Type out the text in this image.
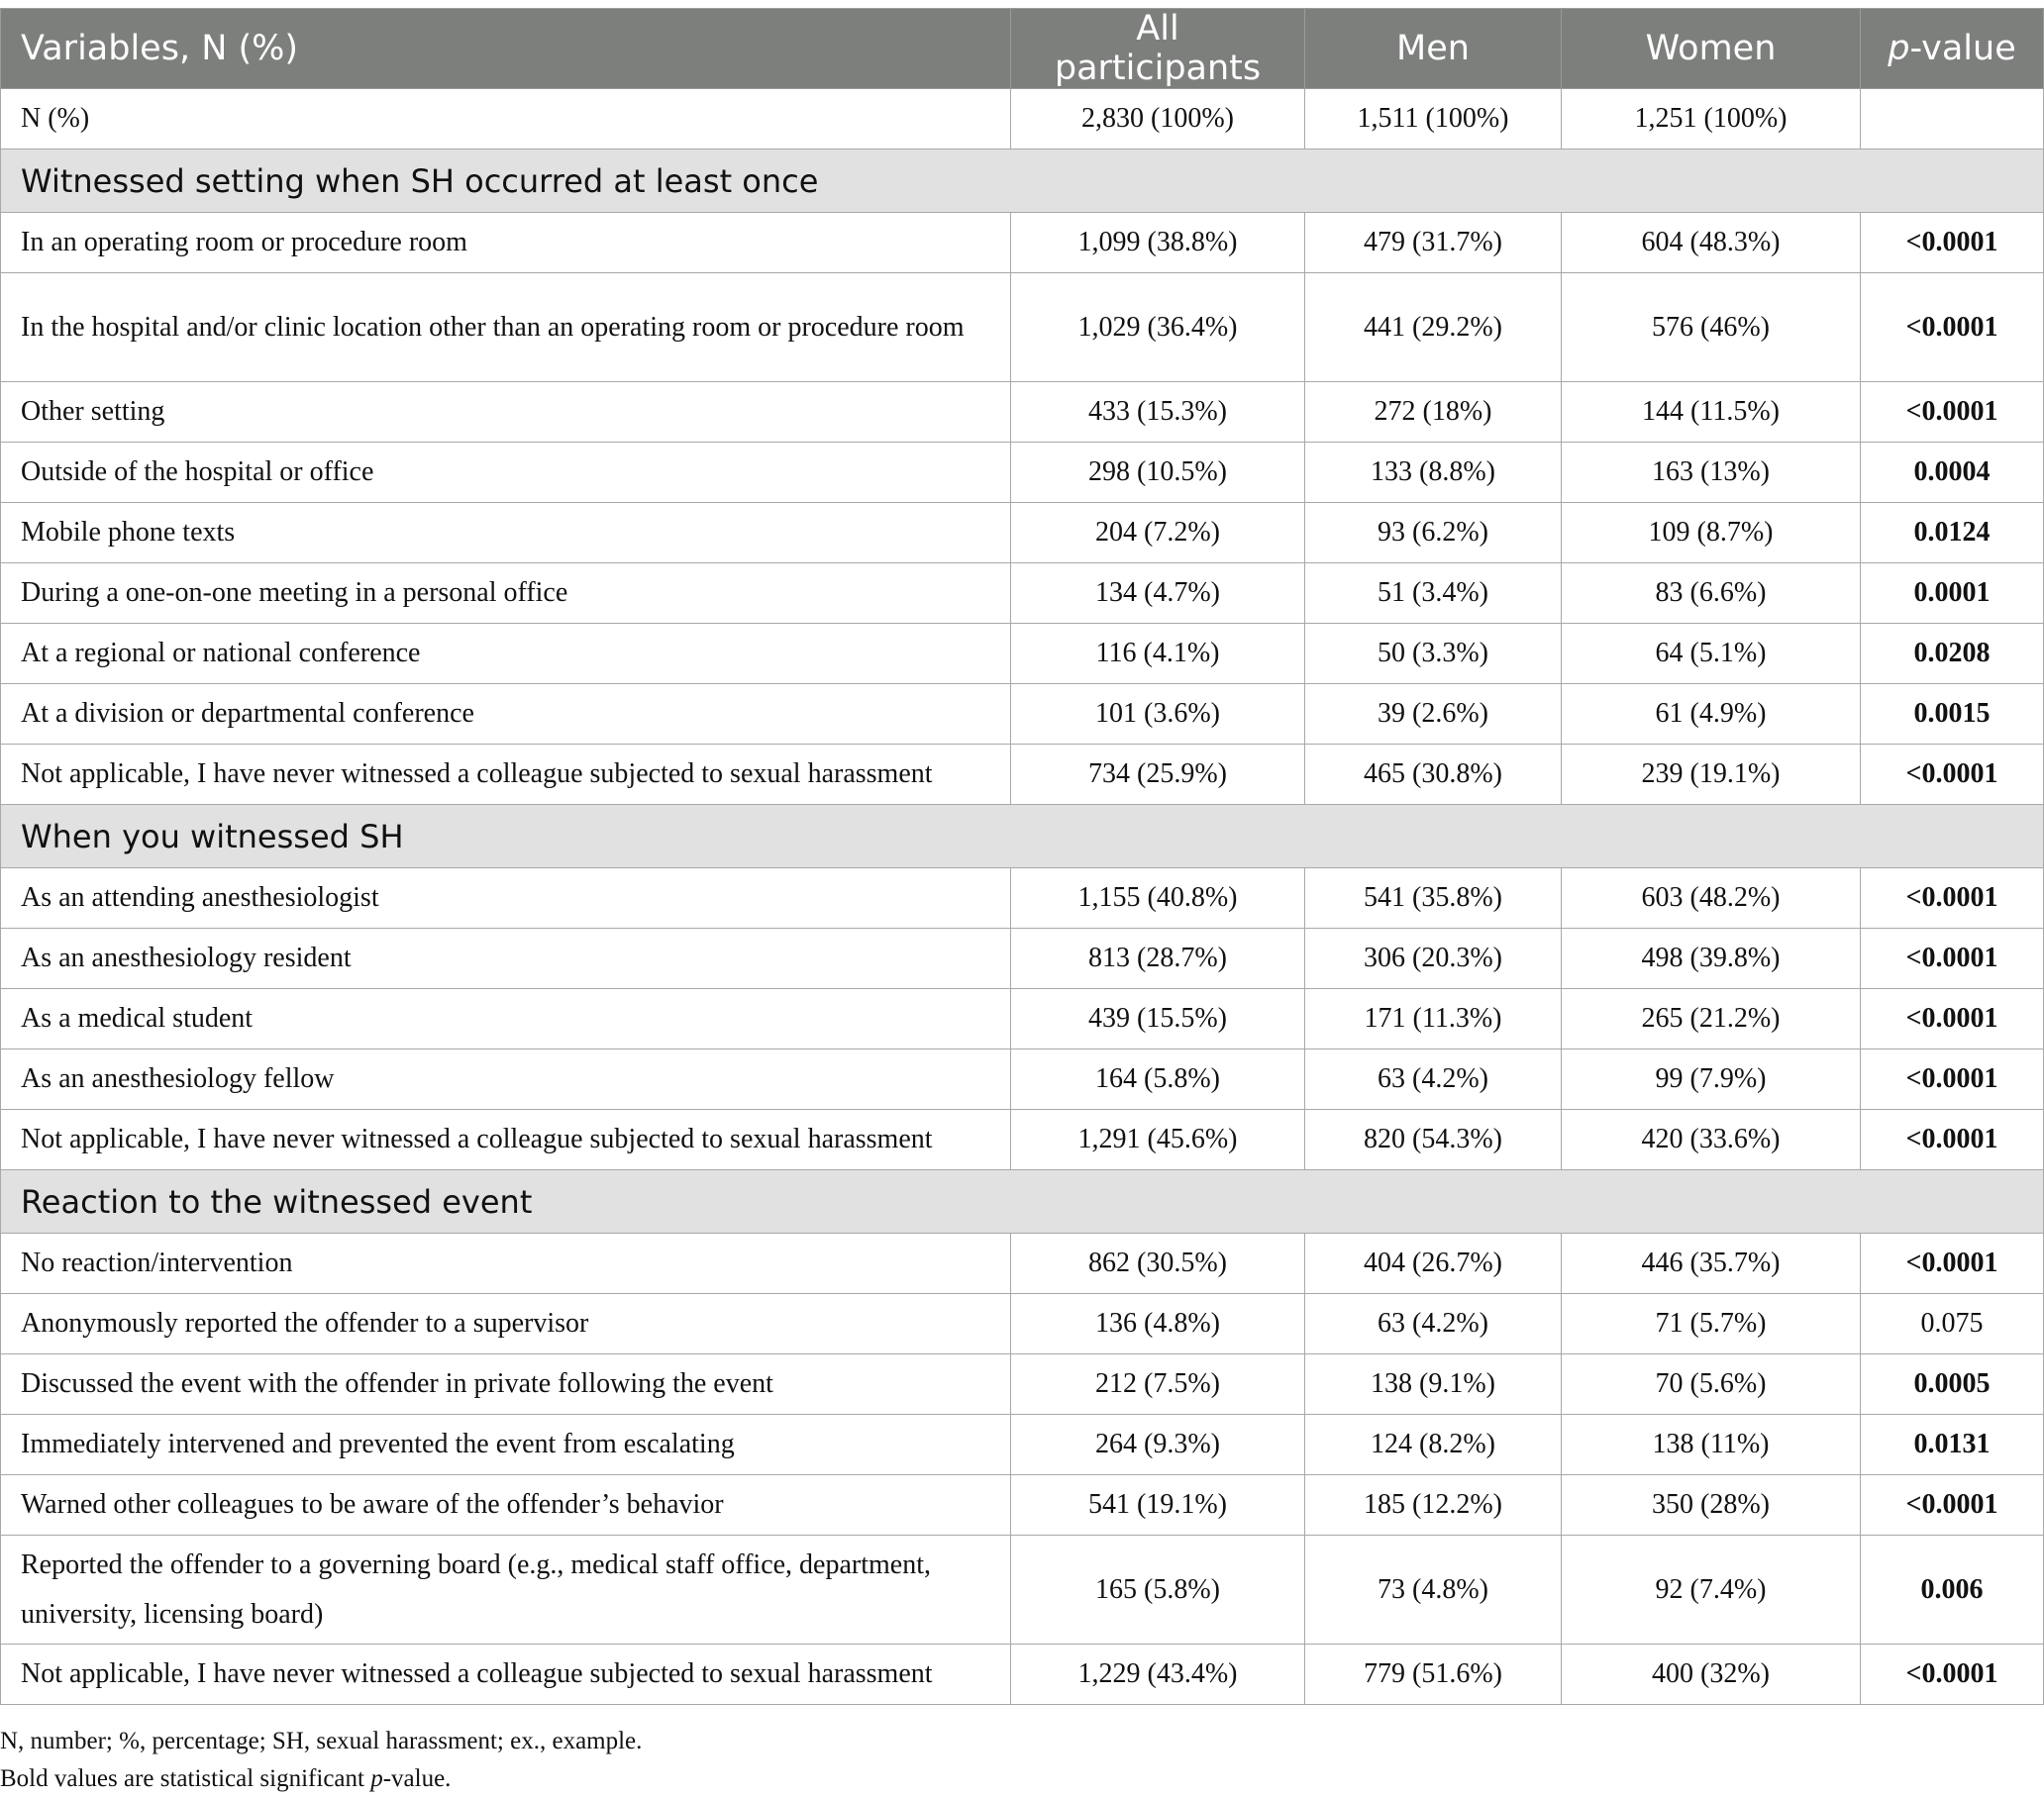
Variables, N (%)	All participants	Men	Women	p-value
N (%)	2,830 (100%)	1,511 (100%)	1,251 (100%)	
Witnessed setting when SH occurred at least once				
In an operating room or procedure room	1,099 (38.8%)	479 (31.7%)	604 (48.3%)	<0.0001
In the hospital and/or clinic location other than an operating room or procedure room	1,029 (36.4%)	441 (29.2%)	576 (46%)	<0.0001
Other setting	433 (15.3%)	272 (18%)	144 (11.5%)	<0.0001
Outside of the hospital or office	298 (10.5%)	133 (8.8%)	163 (13%)	0.0004
Mobile phone texts	204 (7.2%)	93 (6.2%)	109 (8.7%)	0.0124
During a one-on-one meeting in a personal office	134 (4.7%)	51 (3.4%)	83 (6.6%)	0.0001
At a regional or national conference	116 (4.1%)	50 (3.3%)	64 (5.1%)	0.0208
At a division or departmental conference	101 (3.6%)	39 (2.6%)	61 (4.9%)	0.0015
Not applicable, I have never witnessed a colleague subjected to sexual harassment	734 (25.9%)	465 (30.8%)	239 (19.1%)	<0.0001
When you witnessed SH				
As an attending anesthesiologist	1,155 (40.8%)	541 (35.8%)	603 (48.2%)	<0.0001
As an anesthesiology resident	813 (28.7%)	306 (20.3%)	498 (39.8%)	<0.0001
As a medical student	439 (15.5%)	171 (11.3%)	265 (21.2%)	<0.0001
As an anesthesiology fellow	164 (5.8%)	63 (4.2%)	99 (7.9%)	<0.0001
Not applicable, I have never witnessed a colleague subjected to sexual harassment	1,291 (45.6%)	820 (54.3%)	420 (33.6%)	<0.0001
Reaction to the witnessed event				
No reaction/intervention	862 (30.5%)	404 (26.7%)	446 (35.7%)	<0.0001
Anonymously reported the offender to a supervisor	136 (4.8%)	63 (4.2%)	71 (5.7%)	0.075
Discussed the event with the offender in private following the event	212 (7.5%)	138 (9.1%)	70 (5.6%)	0.0005
Immediately intervened and prevented the event from escalating	264 (9.3%)	124 (8.2%)	138 (11%)	0.0131
Warned other colleagues to be aware of the offender’s behavior	541 (19.1%)	185 (12.2%)	350 (28%)	<0.0001
Reported the offender to a governing board (e.g., medical staff office, department, university, licensing board)	165 (5.8%)	73 (4.8%)	92 (7.4%)	0.006
Not applicable, I have never witnessed a colleague subjected to sexual harassment	1,229 (43.4%)	779 (51.6%)	400 (32%)	<0.0001

N, number; %, percentage; SH, sexual harassment; ex., example.

Bold values are statistical significant p-value.
